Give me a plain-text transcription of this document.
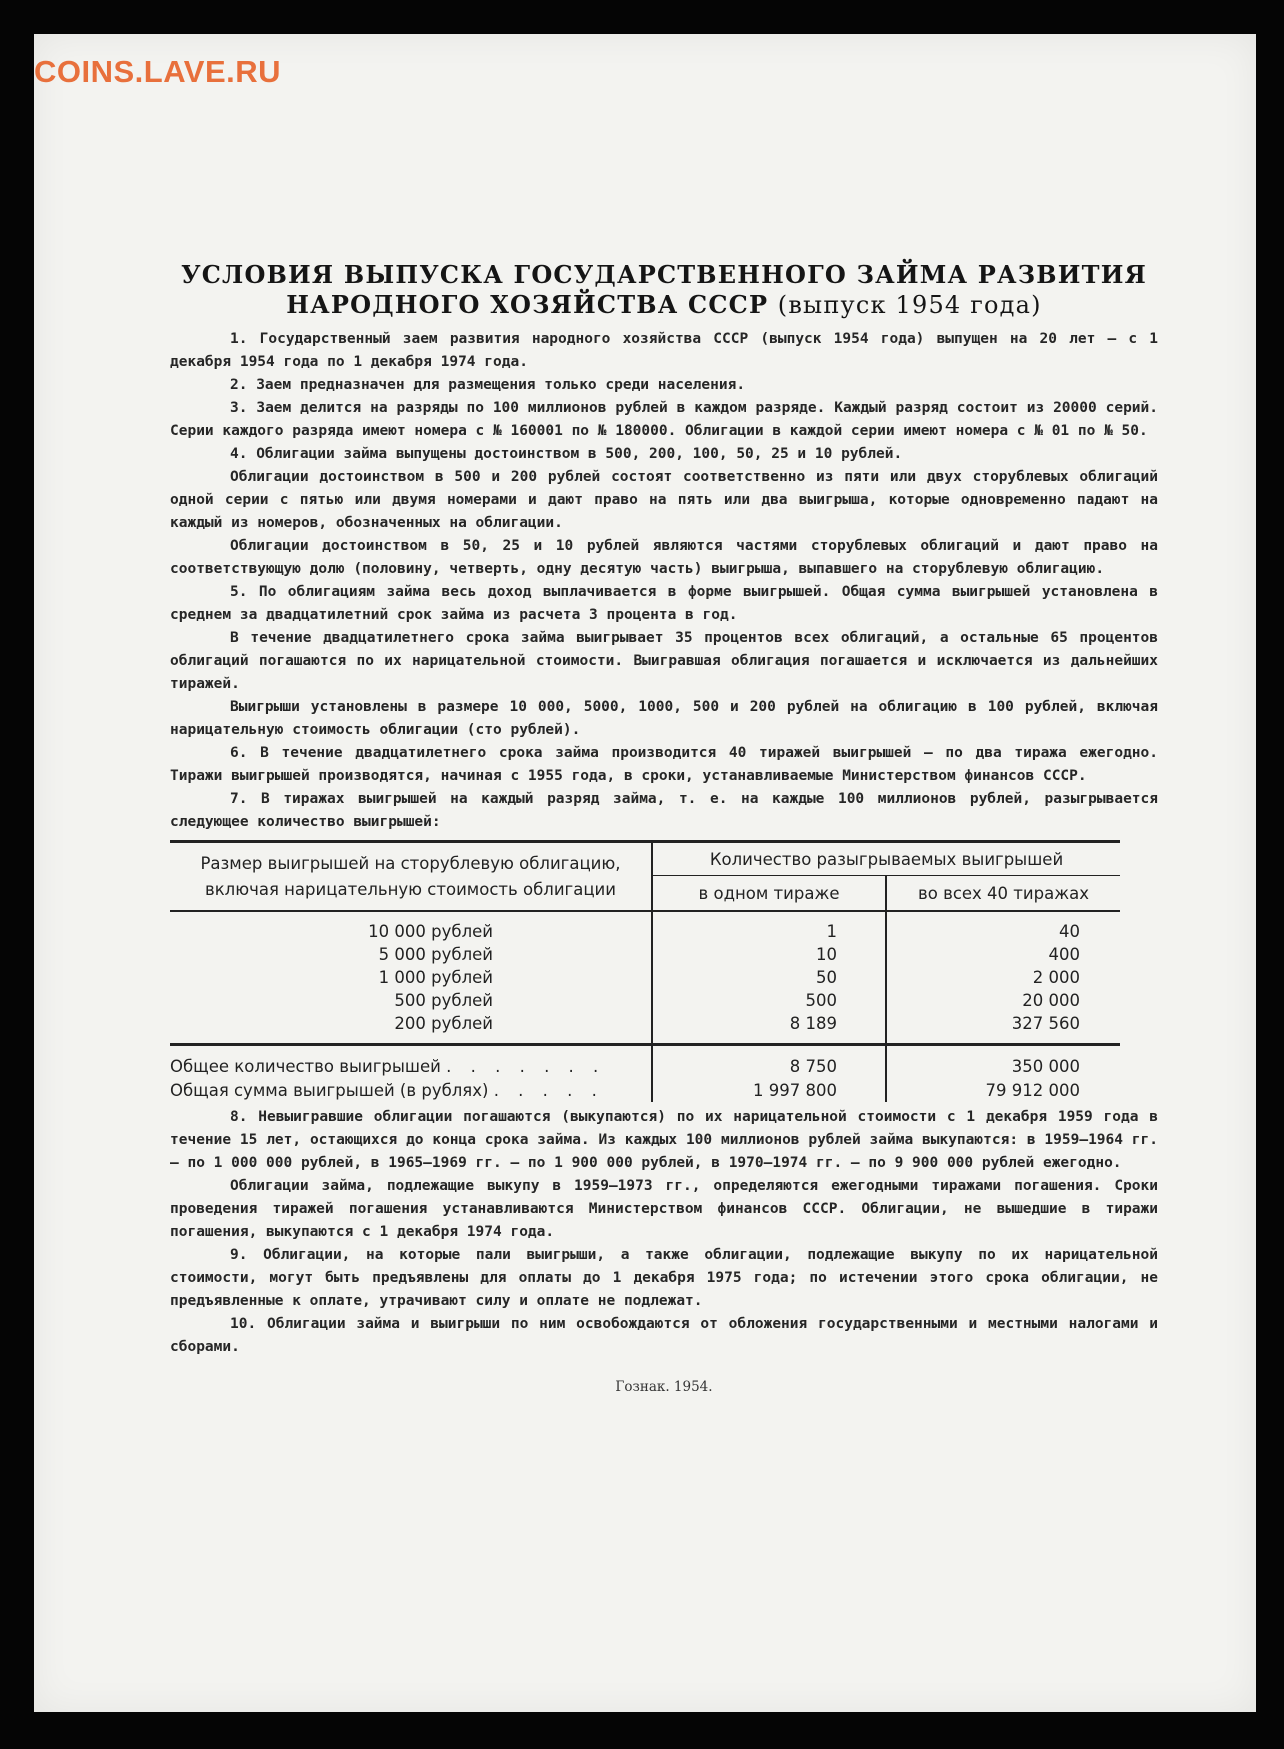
COINS.LAVE.RU
УСЛОВИЯ ВЫПУСКА ГОСУДАРСТВЕННОГО ЗАЙМА РАЗВИТИЯ
НАРОДНОГО ХОЗЯЙСТВА СССР (выпуск 1954 года)

1. Государственный заем развития народного хозяйства СССР (выпуск 1954 года) выпущен на 20 лет — с 1 декабря 1954 года по 1 декабря 1974 года.

2. Заем предназначен для размещения только среди населения.

3. Заем делится на разряды по 100 миллионов рублей в каждом разряде. Каждый разряд состоит из 20000 серий. Серии каждого разряда имеют номера с № 160001 по № 180000. Облигации в каждой серии имеют номера с № 01 по № 50.

4. Облигации займа выпущены достоинством в 500, 200, 100, 50, 25 и 10 рублей.

Облигации достоинством в 500 и 200 рублей состоят соответственно из пяти или двух сторублевых облигаций одной серии с пятью или двумя номерами и дают право на пять или два выигрыша, которые одновременно падают на каждый из номеров, обозначенных на облигации.

Облигации достоинством в 50, 25 и 10 рублей являются частями сторублевых облигаций и дают право на соответствующую долю (половину, четверть, одну десятую часть) выигрыша, выпавшего на сторублевую облигацию.

5. По облигациям займа весь доход выплачивается в форме выигрышей. Общая сумма выигрышей установлена в среднем за двадцатилетний срок займа из расчета 3 процента в год.

В течение двадцатилетнего срока займа выигрывает 35 процентов всех облигаций, а остальные 65 процентов облигаций погашаются по их нарицательной стоимости. Выигравшая облигация погашается и исключается из дальнейших тиражей.

Выигрыши установлены в размере 10 000, 5000, 1000, 500 и 200 рублей на облигацию в 100 рублей, включая нарицательную стоимость облигации (сто рублей).

6. В течение двадцатилетнего срока займа производится 40 тиражей выигрышей — по два тиража ежегодно. Тиражи выигрышей производятся, начиная с 1955 года, в сроки, устанавливаемые Министерством финансов СССР.

7. В тиражах выигрышей на каждый разряд займа, т. е. на каждые 100 миллионов рублей, разыгрывается следующее количество выигрышей:

Размер выигрышей на сторублевую облигацию, включая нарицательную стоимость облигации	Количество разыгрываемых выигрышей	
	в одном тираже	во всех 40 тиражах

10 000 рублей	1	40
5 000 рублей	10	400
1 000 рублей	50	2 000
500 рублей	500	20 000
200 рублей	8 189	327 560

Общее количество выигрышей . . . . . . .	8 750	350 000
Общая сумма выигрышей (в рублях) . . . . .	1 997 800	79 912 000

8. Невыигравшие облигации погашаются (выкупаются) по их нарицательной стоимости с 1 декабря 1959 года в течение 15 лет, остающихся до конца срока займа. Из каждых 100 миллионов рублей займа выкупаются: в 1959—1964 гг. — по 1 000 000 рублей, в 1965—1969 гг. — по 1 900 000 рублей, в 1970—1974 гг. — по 9 900 000 рублей ежегодно.

Облигации займа, подлежащие выкупу в 1959—1973 гг., определяются ежегодными тиражами погашения. Сроки проведения тиражей погашения устанавливаются Министерством финансов СССР. Облигации, не вышедшие в тиражи погашения, выкупаются с 1 декабря 1974 года.

9. Облигации, на которые пали выигрыши, а также облигации, подлежащие выкупу по их нарицательной стоимости, могут быть предъявлены для оплаты до 1 декабря 1975 года; по истечении этого срока облигации, не предъявленные к оплате, утрачивают силу и оплате не подлежат.

10. Облигации займа и выигрыши по ним освобождаются от обложения государственными и местными налогами и сборами.

Гознак. 1954.
